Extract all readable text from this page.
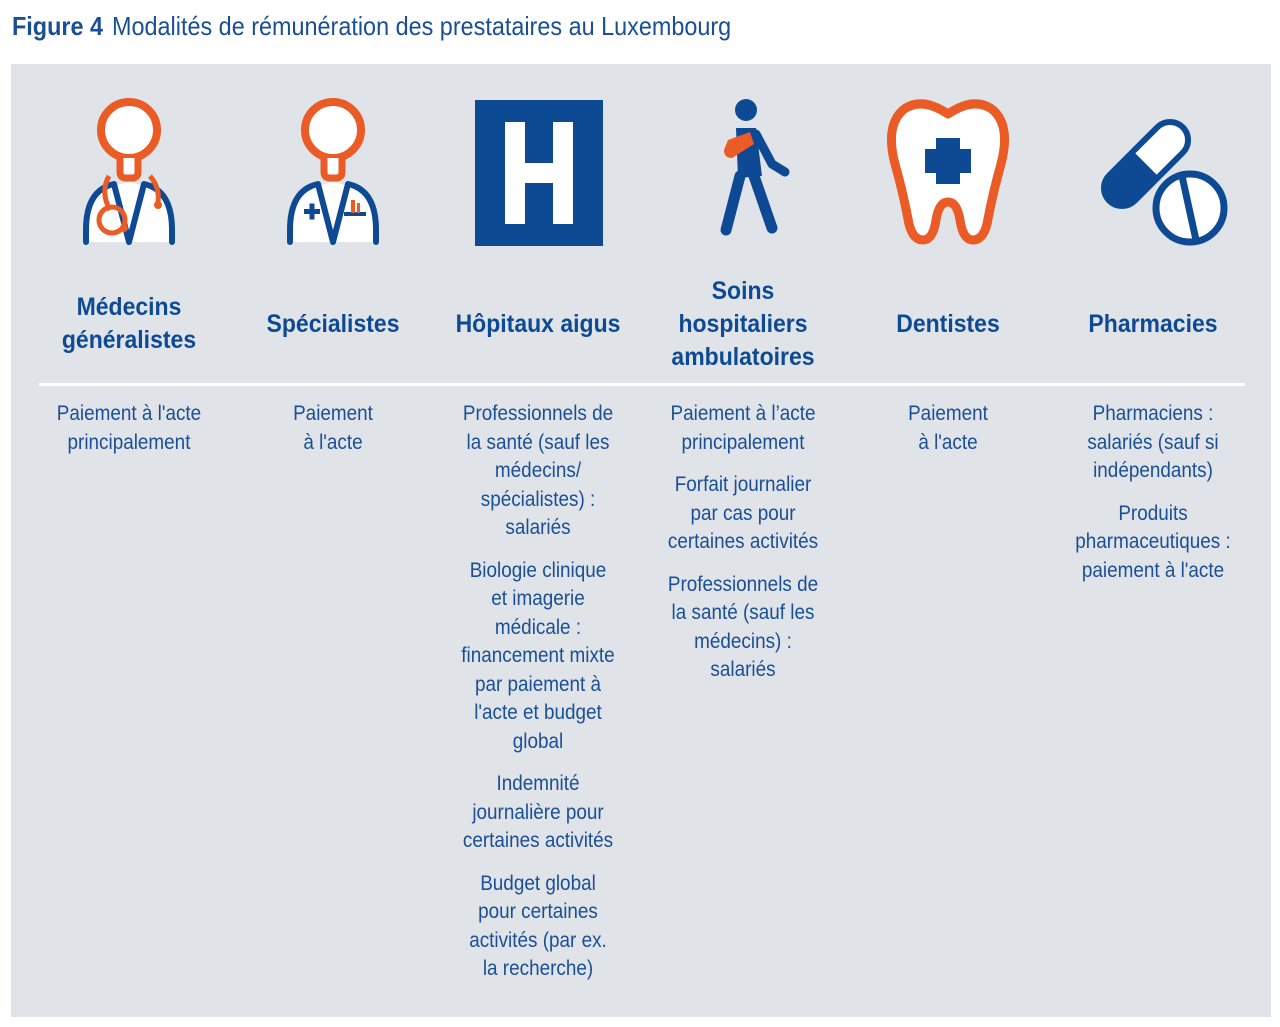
Figure 4 Modalités de rémunération des prestataires au Luxembourg
Médecins
généralistes

Paiement à l'acte
principalement

Spécialistes

Paiement
à l'acte

Hôpitaux aigus

Professionnels de
la santé (sauf les
médecins/
spécialistes) :
salariés

Biologie clinique
et imagerie
médicale :
financement mixte
par paiement à
l'acte et budget
global

Indemnité
journalière pour
certaines activités

Budget global
pour certaines
activités (par ex.
la recherche)

Soins
hospitaliers
ambulatoires

Paiement à l’acte
principalement

Forfait journalier
par cas pour
certaines activités

Professionnels de
la santé (sauf les
médecins) :
salariés

Dentistes

Paiement
à l'acte

Pharmacies

Pharmaciens :
salariés (sauf si
indépendants)

Produits
pharmaceutiques :
paiement à l'acte
